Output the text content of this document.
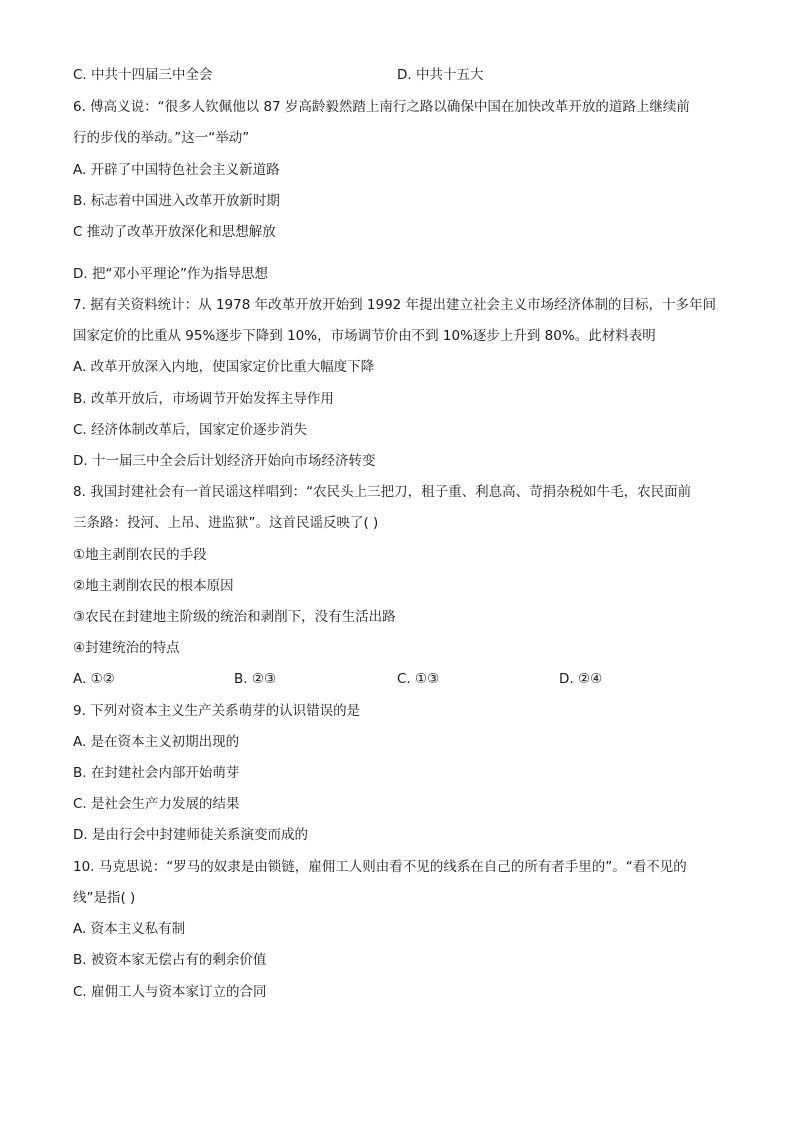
C. 中共十四届三中全会	D. 中共十五大
6. 傅高义说：“很多人钦佩他以 87 岁高龄毅然踏上南行之路以确保中国在加快改革开放的道路上继续前
行的步伐的举动。”这一“举动”
A. 开辟了中国特色社会主义新道路
B. 标志着中国进入改革开放新时期
C 推动了改革开放深化和思想解放
D. 把“邓小平理论”作为指导思想
7. 据有关资料统计：从 1978 年改革开放开始到 1992 年提出建立社会主义市场经济体制的目标，十多年间
国家定价的比重从 95%逐步下降到 10%，市场调节价由不到 10%逐步上升到 80%。此材料表明
A. 改革开放深入内地，使国家定价比重大幅度下降
B. 改革开放后，市场调节开始发挥主导作用
C. 经济体制改革后，国家定价逐步消失
D. 十一届三中全会后计划经济开始向市场经济转变
8. 我国封建社会有一首民谣这样唱到：“农民头上三把刀，租子重、利息高、苛捐杂税如牛毛，农民面前
三条路：投河、上吊、进监狱”。这首民谣反映了( )
①地主剥削农民的手段
②地主剥削农民的根本原因
③农民在封建地主阶级的统治和剥削下，没有生活出路
④封建统治的特点
A. ①②	B. ②③	C. ①③	D. ②④
9. 下列对资本主义生产关系萌芽的认识错误的是
A. 是在资本主义初期出现的
B. 在封建社会内部开始萌芽
C. 是社会生产力发展的结果
D. 是由行会中封建师徒关系演变而成的
10. 马克思说：“罗马的奴隶是由锁链，雇佣工人则由看不见的线系在自己的所有者手里的”。“看不见的
线”是指( )
A. 资本主义私有制
B. 被资本家无偿占有的剩余价值
C. 雇佣工人与资本家订立的合同
